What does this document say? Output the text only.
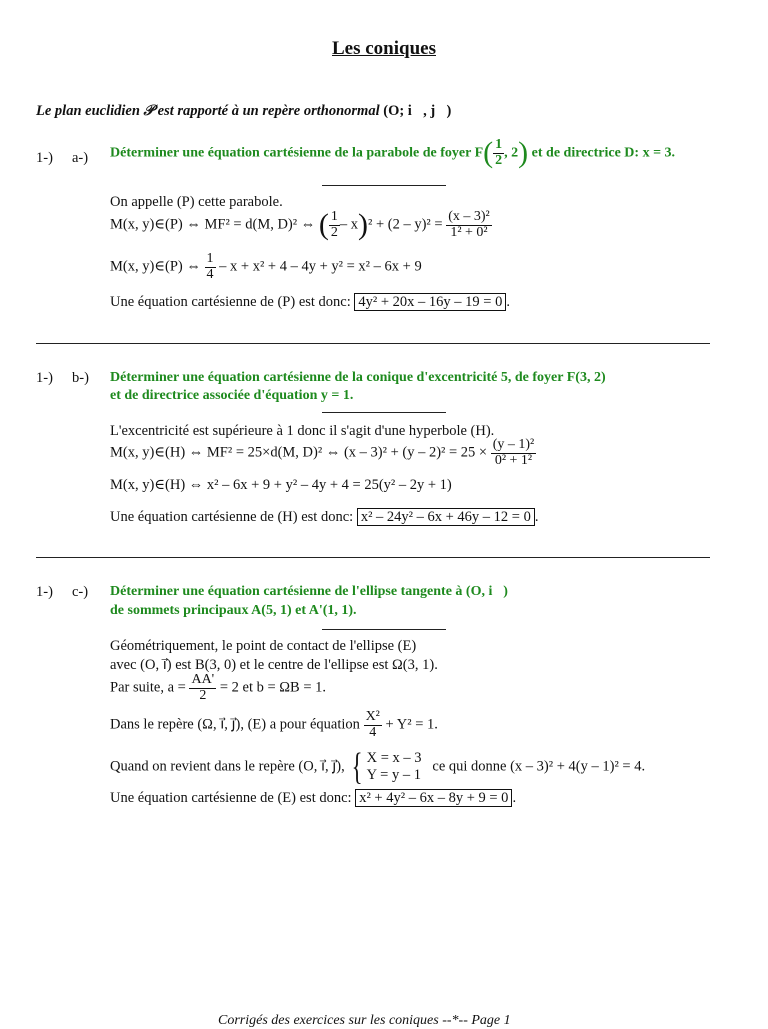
Les coniques
Le plan euclidien 𝒫 est rapporté à un repère orthonormal (O; i⃗, j⃗)
1-) a-) Déterminer une équation cartésienne de la parabole de foyer $F( \frac{1}{2}$ , 2) et de directrice D: x = 3.
On appelle (P) cette parabole.
M(x, y)∈(P) ⇔ MF² = d(M, D)² ⇔ ( $\frac{1}{2} - x)^2 + (2 - y)^2 = \frac{\text{(x – 3)²}}{\text{1² + 0²}}$
M(x, y)∈(P) ⇔ $\frac{1}{4} - x + x^2 + 4 - 4y + y^2 = x^2 - 6x + 9$
Une équation cartésienne de (P) est donc: 4y² + 20x – 16y – 19 = 0 .
1-) b-) Déterminer une équation cartésienne de la conique d'excentricité 5, de foyer F(3, 2)
et de directrice associée d'équation y = 1.
L'excentricité est supérieure à 1 donc il s'agit d'une hyperbole (H).
M(x, y)∈(H) ⇔ MF² = 25×d(M, D)² ⇔ $(x - 3)^2 + (y - 2)^2 = 25 \times \frac{\text{(y – 1)²}}{\text{0² + 1²}}$
M(x, y)∈(H) ⇔ x² – 6x + 9 + y² – 4y + 4 = 25(y² – 2y + 1)
Une équation cartésienne de (H) est donc: x² – 24y² – 6x + 46y – 12 = 0 .
1-) c-) Déterminer une équation cartésienne de l'ellipse tangente à (O, i⃗)
de sommets principaux A(5, 1) et A'(1, 1).
Géométriquement, le point de contact de l'ellipse (E)
avec (O, i⃗) est B(3, 0) et le centre de l'ellipse est Ω(3, 1).
Par suite, $a = \frac{AA'}{2} = 2$ et b = ΩB = 1.
Dans le repère (Ω, i⃗, j⃗), (E) a pour équation $\frac{\text{X²}}{4} + Y^2 = 1$.
Quand on revient dans le repère (O, i⃗, j⃗), { X = x – 3
Y = y – 1
ce qui donne (x – 3)² + 4(y – 1)² = 4.
Une équation cartésienne de (E) est donc: x² + 4y² – 6x – 8y + 9 = 0 .
Corrigés des exercices sur les coniques --*-- Page 1
